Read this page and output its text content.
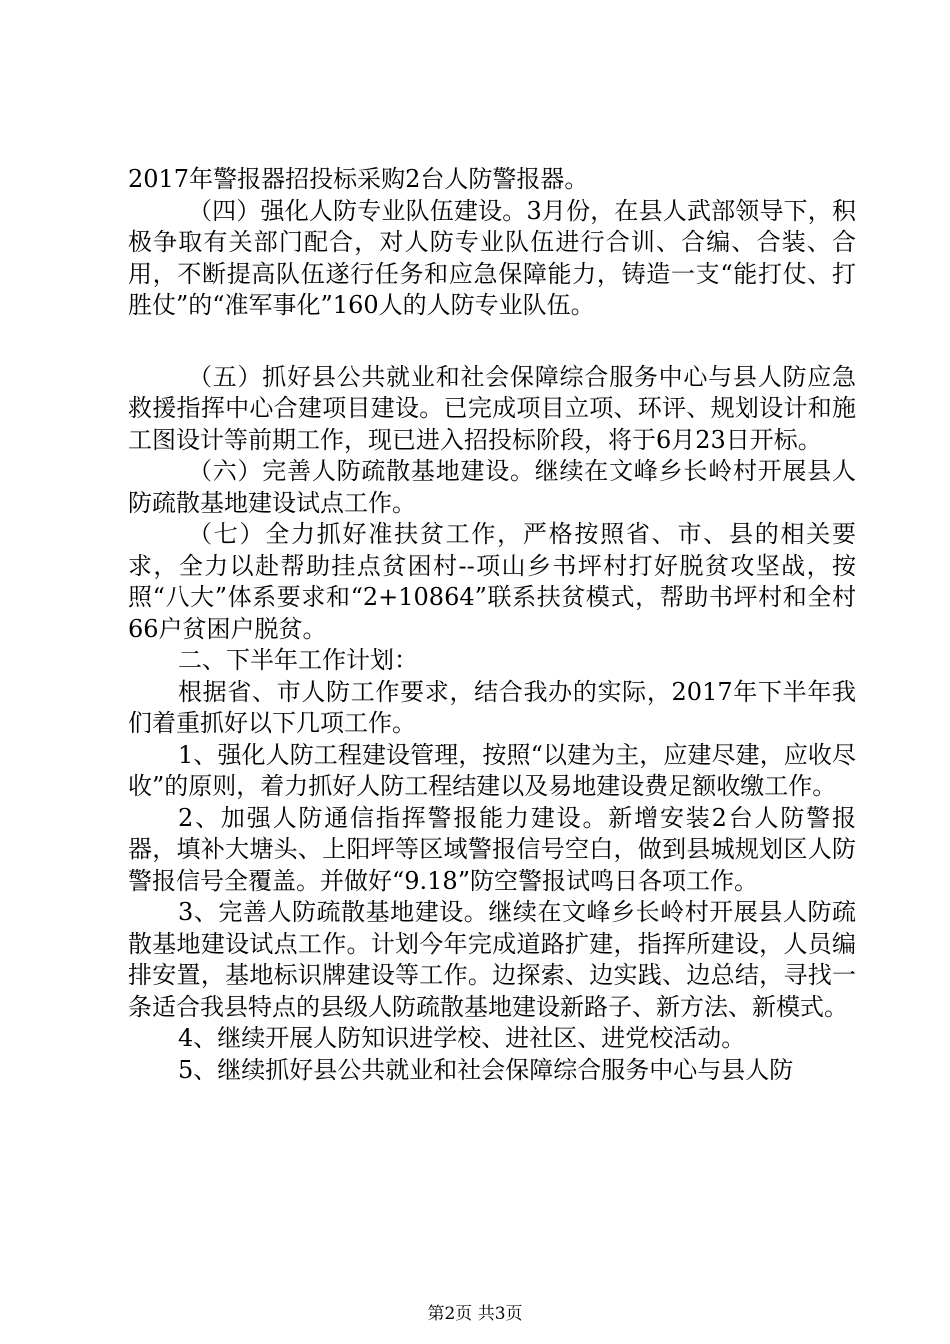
2017年警报器招投标采购2台人防警报器。

（四）强化人防专业队伍建设。3月份，在县人武部领导下，积极争取有关部门配合，对人防专业队伍进行合训、合编、合装、合用，不断提高队伍遂行任务和应急保障能力，铸造一支“能打仗、打胜仗”的“准军事化”160人的人防专业队伍。

（五）抓好县公共就业和社会保障综合服务中心与县人防应急救援指挥中心合建项目建设。已完成项目立项、环评、规划设计和施工图设计等前期工作，现已进入招投标阶段，将于6月23日开标。

（六）完善人防疏散基地建设。继续在文峰乡长岭村开展县人防疏散基地建设试点工作。

（七）全力抓好准扶贫工作，严格按照省、市、县的相关要求，全力以赴帮助挂点贫困村--项山乡书坪村打好脱贫攻坚战，按照“八大”体系要求和“2+10864”联系扶贫模式，帮助书坪村和全村66户贫困户脱贫。

二、下半年工作计划：

根据省、市人防工作要求，结合我办的实际，2017年下半年我们着重抓好以下几项工作。

1、强化人防工程建设管理，按照“以建为主，应建尽建，应收尽收”的原则，着力抓好人防工程结建以及易地建设费足额收缴工作。

2、加强人防通信指挥警报能力建设。新增安装2台人防警报器，填补大塘头、上阳坪等区域警报信号空白，做到县城规划区人防警报信号全覆盖。并做好“9.18”防空警报试鸣日各项工作。

3、完善人防疏散基地建设。继续在文峰乡长岭村开展县人防疏散基地建设试点工作。计划今年完成道路扩建，指挥所建设，人员编排安置，基地标识牌建设等工作。边探索、边实践、边总结，寻找一条适合我县特点的县级人防疏散基地建设新路子、新方法、新模式。

4、继续开展人防知识进学校、进社区、进党校活动。

5、继续抓好县公共就业和社会保障综合服务中心与县人防

第2页 共3页
